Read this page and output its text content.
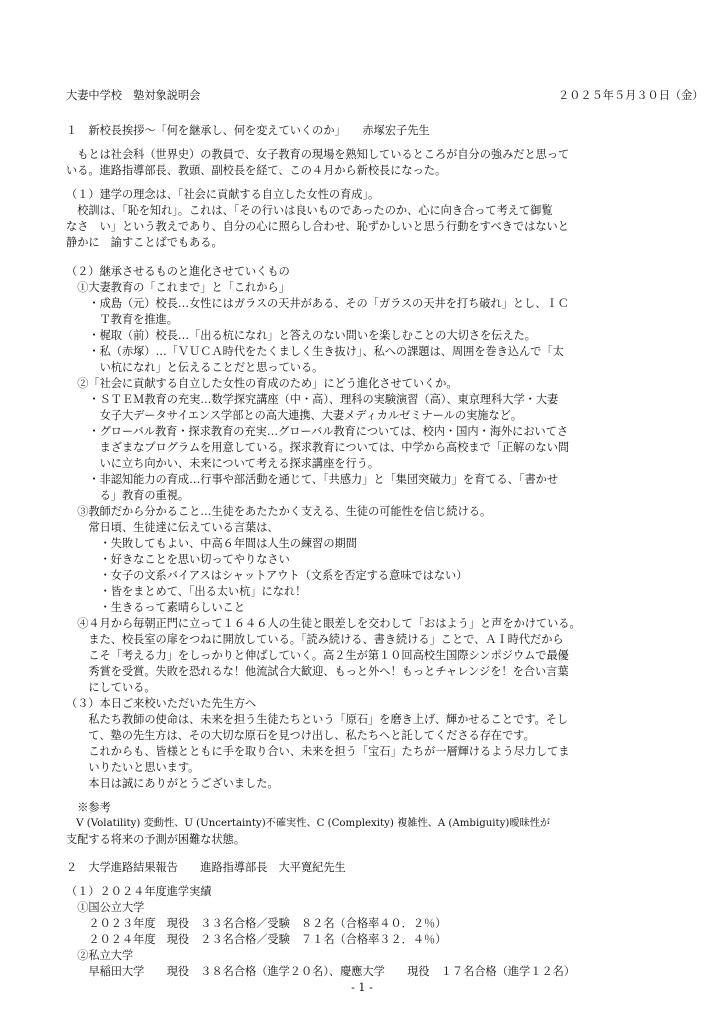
大妻中学校　塾対象説明会	２０２５年５月３０日（金）
１　新校長挨拶～「何を継承し、何を変えていくのか」　　赤塚宏子先生
　もとは社会科（世界史）の教員で、女子教育の現場を熟知しているところが自分の強みだと思って
いる。進路指導部長、教頭、副校長を経て、この４月から新校長になった。
（１）建学の理念は、「社会に貢献する自立した女性の育成」。
　校訓は、「恥を知れ」。これは、「その行いは良いものであったのか、心に向き合って考えて御覧
なさ　い」という教えであり、自分の心に照らし合わせ、恥ずかしいと思う行動をすべきではないと
静かに　諭すことばでもある。
（２）継承させるものと進化させていくもの
　①大妻教育の「これまで」と「これから」
　　・成島（元）校長…女性にはガラスの天井がある、その「ガラスの天井を打ち破れ」とし、ＩＣ
　　　Ｔ教育を推進。
　　・梶取（前）校長…「出る杭になれ」と答えのない問いを楽しむことの大切さを伝えた。
　　・私（赤塚）…「ＶＵＣＡ時代をたくましく生き抜け」、私への課題は、周囲を巻き込んで「太
　　　い杭になれ」と伝えることだと思っている。
　②「社会に貢献する自立した女性の育成のため」にどう進化させていくか。
　　・ＳＴＥＭ教育の充実…数学探究講座（中・高）、理科の実験演習（高）、東京理科大学・大妻
　　　女子大データサイエンス学部との高大連携、大妻メディカルゼミナールの実施など。
　　・グローバル教育・探求教育の充実…グローバル教育については、校内・国内・海外においてさ
　　　まざまなプログラムを用意している。探求教育については、中学から高校まで「正解のない問
　　　いに立ち向かい、未来について考える探求講座を行う。
　　・非認知能力の育成…行事や部活動を通じて、「共感力」と「集団突破力」を育てる、「書かせ
　　　る」教育の重視。
　③教師だから分かること…生徒をあたたかく支える、生徒の可能性を信じ続ける。
　　常日頃、生徒達に伝えている言葉は、
　　　・失敗してもよい、中高６年間は人生の練習の期間
　　　・好きなことを思い切ってやりなさい
　　　・女子の文系バイアスはシャットアウト（文系を否定する意味ではない）
　　　・皆をまとめて、「出る太い杭」になれ！
　　　・生きるって素晴らしいこと
　④４月から毎朝正門に立って１６４６人の生徒と眼差しを交わして「おはよう」と声をかけている。
　　また、校長室の扉をつねに開放している。「読み続ける、書き続ける」ことで、ＡＩ時代だから
　　こそ「考える力」をしっかりと伸ばしていく。高２生が第１０回高校生国際シンポジウムで最優
　　秀賞を受賞。失敗を恐れるな！他流試合大歓迎、もっと外へ！もっとチャレンジを！を合い言葉
　　にしている。
（３）本日ご来校いただいた先生方へ
　　私たち教師の使命は、未来を担う生徒たちという「原石」を磨き上げ、輝かせることです。そし
　　て、塾の先生方は、その大切な原石を見つけ出し、私たちへと託してくださる存在です。
　　これからも、皆様とともに手を取り合い、未来を担う「宝石」たちが一層輝けるよう尽力してま
　　いりたいと思います。
　　本日は誠にありがとうございました。
　※参考
　V (Volatility) 変動性、U (Uncertainty)不確実性、C (Complexity) 複雑性、A (Ambiguity)曖昧性が
支配する将来の予測が困難な状態。
２　大学進路結果報告　　進路指導部長　大平寛紀先生
（１）２０２４年度進学実績
　①国公立大学
　　２０２３年度　現役　３３名合格／受験　８２名（合格率４０．２％）
　　２０２４年度　現役　２３名合格／受験　７１名（合格率３２．４％）
　②私立大学
　　早稲田大学　　現役　３８名合格（進学２０名）、慶應大学　　現役　１７名合格（進学１２名）
- 1 -
